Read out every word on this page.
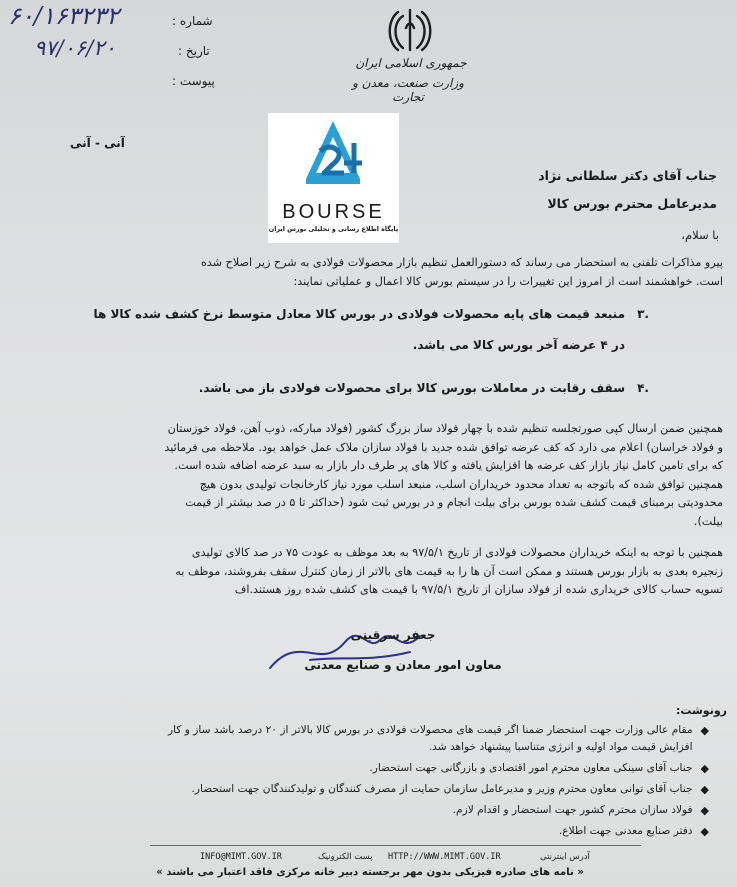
۶۰/۱۶۳۲۳۲	شماره :
۹۷/۰۶/۲۰	تاریخ :
پیوست :
جمهوری اسلامی ایران
وزارت صنعت، معدن و تجارت
BOURSE
پایگاه اطلاع رسانی و تحلیلی بورس ایران
آنی - آنی
جناب آقای دکتر سلطانی نژاد
مدیرعامل محترم بورس کالا
با سلام،
پیرو مذاکرات تلفنی به استحضار می رساند که دستورالعمل تنظیم بازار محصولات فولادی به شرح زیر اصلاح شده
است. خواهشمند است از امروز این تغییرات را در سیستم بورس کالا اعمال و عملیاتی نمایند:
۳.
منبعد قیمت های پایه محصولات فولادی در بورس کالا معادل متوسط نرخ کشف شده کالا ها
در ۴ عرضه آخر بورس کالا می باشد.
۴.
سقف رقابت در معاملات بورس کالا برای محصولات فولادی باز می باشد.
همچنین ضمن ارسال کپی صورتجلسه تنظیم شده با چهار فولاد ساز بزرگ کشور (فولاد مبارکه، ذوب آهن، فولاد خوزستان
و فولاد خراسان) اعلام می دارد که کف عرضه توافق شده جدید با فولاد سازان ملاک عمل خواهد بود. ملاحظه می فرمائید
که برای تامین کامل نیاز بازار کف عرضه ها افزایش یافته و کالا های پر طرف دار بازار به سبد عرضه اضافه شده است.
همچنین توافق شده که باتوجه به تعداد محدود خریداران اسلب، منبعد اسلب مورد نیاز کارخانجات تولیدی بدون هیچ
محدودیتی برمبنای قیمت کشف شده بورس برای بیلت انجام و در بورس ثبت شود (حداکثر تا ۵ در صد بیشتر از قیمت
بیلت).
همچنین با توجه به اینکه خریداران محصولات فولادی از تاریخ ۹۷/۵/۱ به بعد موظف به عودت ۷۵ در صد کالای تولیدی
زنجیره بعدی به بازار بورس هستند و ممکن است آن ها را به قیمت های بالاتر از زمان کنترل سقف بفروشند، موظف به
تسویه حساب کالای خریداری شده از فولاد سازان از تاریخ ۹۷/۵/۱ با قیمت های کشف شده روز هستند.اف
جعفر سرقینی
معاون امور معادن و صنایع معدنی
رونوشت:
◆
مقام عالی وزارت جهت استحضار ضمنا اگر قیمت های محصولات فولادی در بورس کالا بالاتر از ۲۰ درصد باشد ساز و کار
افزایش قیمت مواد اولیه و انرژی متناسبا پیشنهاد خواهد شد.
◆
جناب آقای سینکی معاون محترم امور اقتصادی و بازرگانی جهت استحضار.
◆
جناب آقای توانی معاون محترم وزیر و مدیرعامل سازمان حمایت از مصرف کنندگان و تولیدکنندگان جهت استحضار.
◆
فولاد سازان محترم کشور جهت استحضار و اقدام لازم.
◆
دفتر صنایع معدنی جهت اطلاع.
آدرس اینترنتی
HTTP://WWW.MIMT.GOV.IR
پست الکترونیک
INFO@MIMT.GOV.IR
« نامه های صادره فیزیکی بدون مهر برجسته دبیر خانه مرکزی فاقد اعتبار می باشند »
